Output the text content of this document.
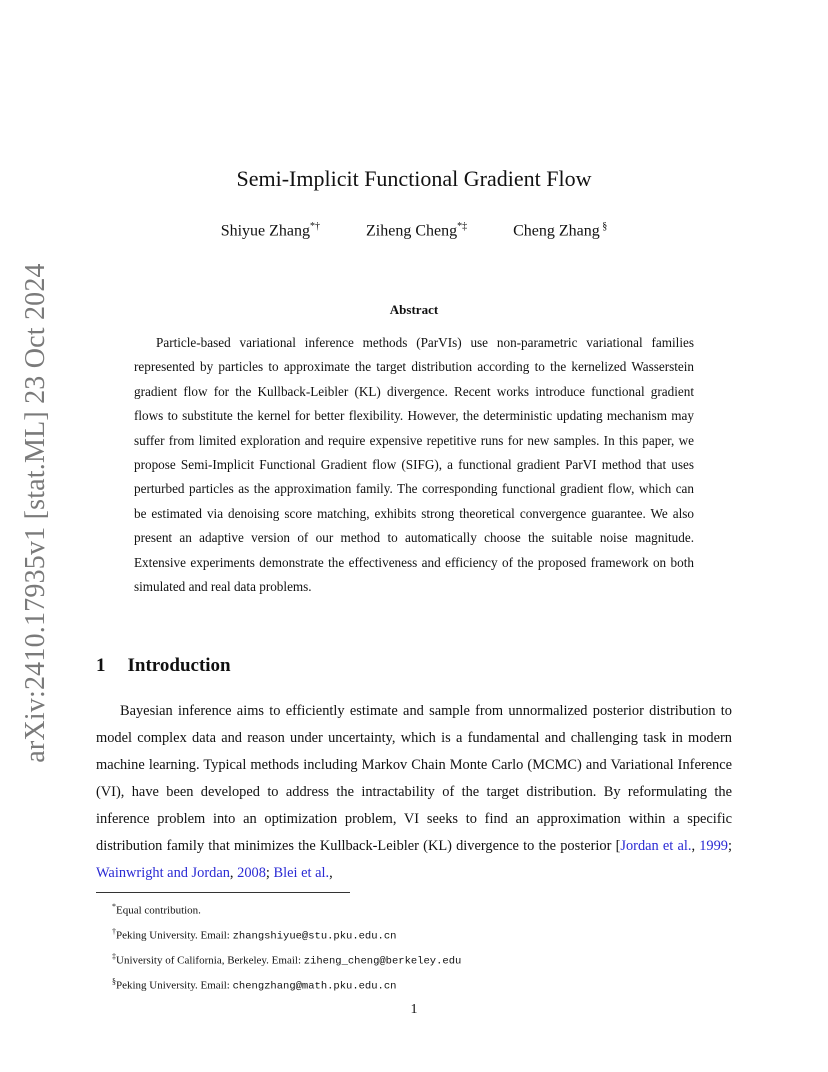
arXiv:2410.17935v1 [stat.ML] 23 Oct 2024
Semi-Implicit Functional Gradient Flow
Shiyue Zhang*†	Ziheng Cheng*‡	Cheng Zhang §
Abstract

Particle-based variational inference methods (ParVIs) use non-parametric variational families represented by particles to approximate the target distribution according to the kernelized Wasserstein gradient flow for the Kullback-Leibler (KL) divergence. Recent works introduce functional gradient flows to substitute the kernel for better flexibility. However, the deterministic updating mechanism may suffer from limited exploration and require expensive repetitive runs for new samples. In this paper, we propose Semi-Implicit Functional Gradient flow (SIFG), a functional gradient ParVI method that uses perturbed particles as the approximation family. The corresponding functional gradient flow, which can be estimated via denoising score matching, exhibits strong theoretical convergence guarantee. We also present an adaptive version of our method to automatically choose the suitable noise magnitude. Extensive experiments demonstrate the effectiveness and efficiency of the proposed framework on both simulated and real data problems.

1 Introduction

Bayesian inference aims to efficiently estimate and sample from unnormalized posterior distribution to model complex data and reason under uncertainty, which is a fundamental and challenging task in modern machine learning. Typical methods including Markov Chain Monte Carlo (MCMC) and Variational Inference (VI), have been developed to address the intractability of the target distribution. By reformulating the inference problem into an optimization problem, VI seeks to find an approximation within a specific distribution family that minimizes the Kullback-Leibler (KL) divergence to the posterior [Jordan et al., 1999; Wainwright and Jordan, 2008; Blei et al.,

*Equal contribution.
†Peking University. Email: zhangshiyue@stu.pku.edu.cn
‡University of California, Berkeley. Email: ziheng_cheng@berkeley.edu
§Peking University. Email: chengzhang@math.pku.edu.cn
1
